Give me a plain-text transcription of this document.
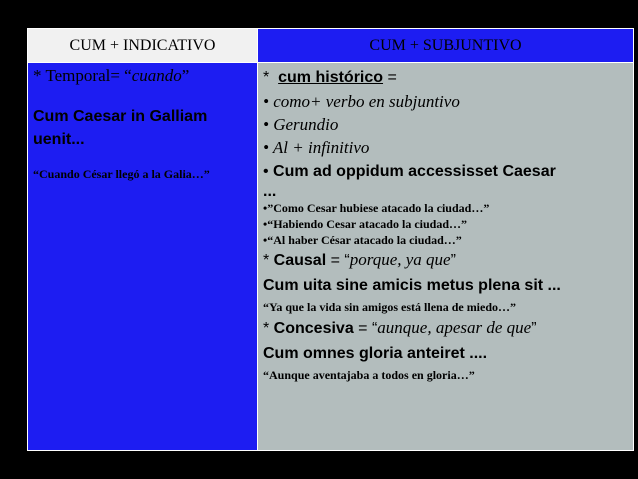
CUM + INDICATIVO	CUM + SUBJUNTIVO

* Temporal= “cuando”

Cum Caesar in Galliam
uenit...

“Cuando César llegó a la Galia…”

* cum histórico =

• como+ verbo en subjuntivo

• Gerundio

• Al + infinitivo

• Cum ad oppidum accessisset Caesar

...

•”Como Cesar hubiese atacado la ciudad…”

•“Habiendo Cesar atacado la ciudad…”

•“Al haber César atacado la ciudad…”

* Causal = “porque, ya que”

Cum uita sine amicis metus plena sit ...

“Ya que la vida sin amigos está llena de miedo…”

* Concesiva = “aunque, apesar de que”

Cum omnes gloria anteiret ....

“Aunque aventajaba a todos en gloria…”
